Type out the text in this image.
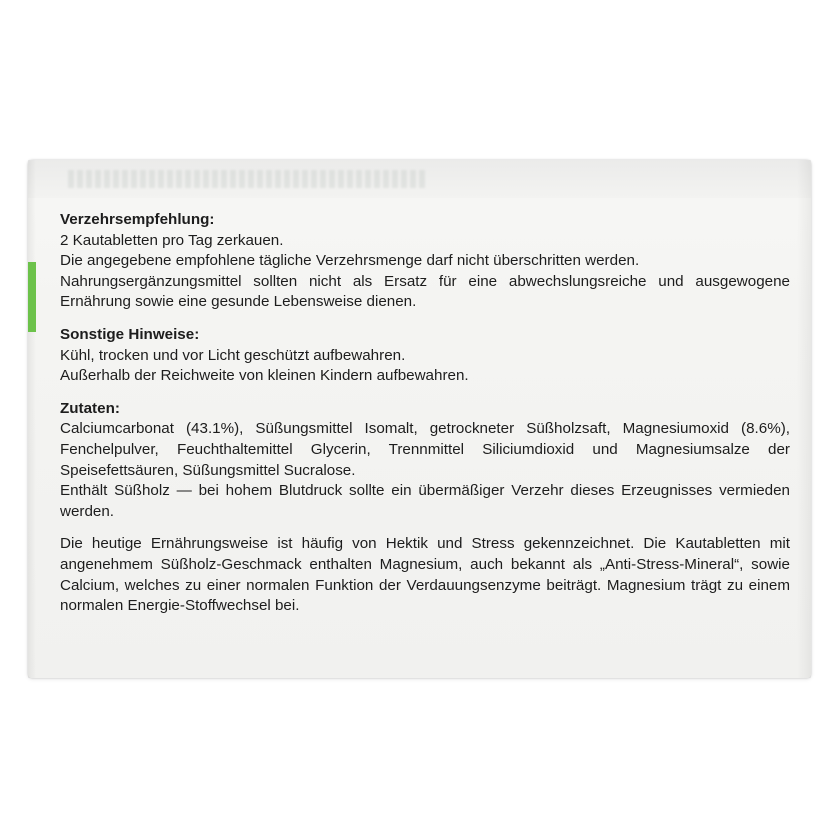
Verzehrsempfehlung:

2 Kautabletten pro Tag zerkauen.

Die angegebene empfohlene tägliche Verzehrsmenge darf nicht überschritten werden.

Nahrungsergänzungsmittel sollten nicht als Ersatz für eine abwechslungsreiche und ausgewogene Ernährung sowie eine gesunde Lebensweise dienen.

Sonstige Hinweise:

Kühl, trocken und vor Licht geschützt aufbewahren.

Außerhalb der Reichweite von kleinen Kindern aufbewahren.

Zutaten:

Calciumcarbonat (43.1%), Süßungsmittel Isomalt, getrockneter Süßholzsaft, Magnesiumoxid (8.6%), Fenchelpulver, Feuchthaltemittel Glycerin, Trennmittel Siliciumdioxid und Magnesiumsalze der Speisefettsäuren, Süßungsmittel Sucralose.

Enthält Süßholz — bei hohem Blutdruck sollte ein übermäßiger Verzehr dieses Erzeugnisses vermieden werden.

Die heutige Ernährungsweise ist häufig von Hektik und Stress gekennzeichnet. Die Kautabletten mit angenehmem Süßholz-Geschmack enthalten Magnesium, auch bekannt als „Anti-Stress-Mineral“, sowie Calcium, welches zu einer normalen Funktion der Verdauungsenzyme beiträgt. Magnesium trägt zu einem normalen Energie-Stoffwechsel bei.
